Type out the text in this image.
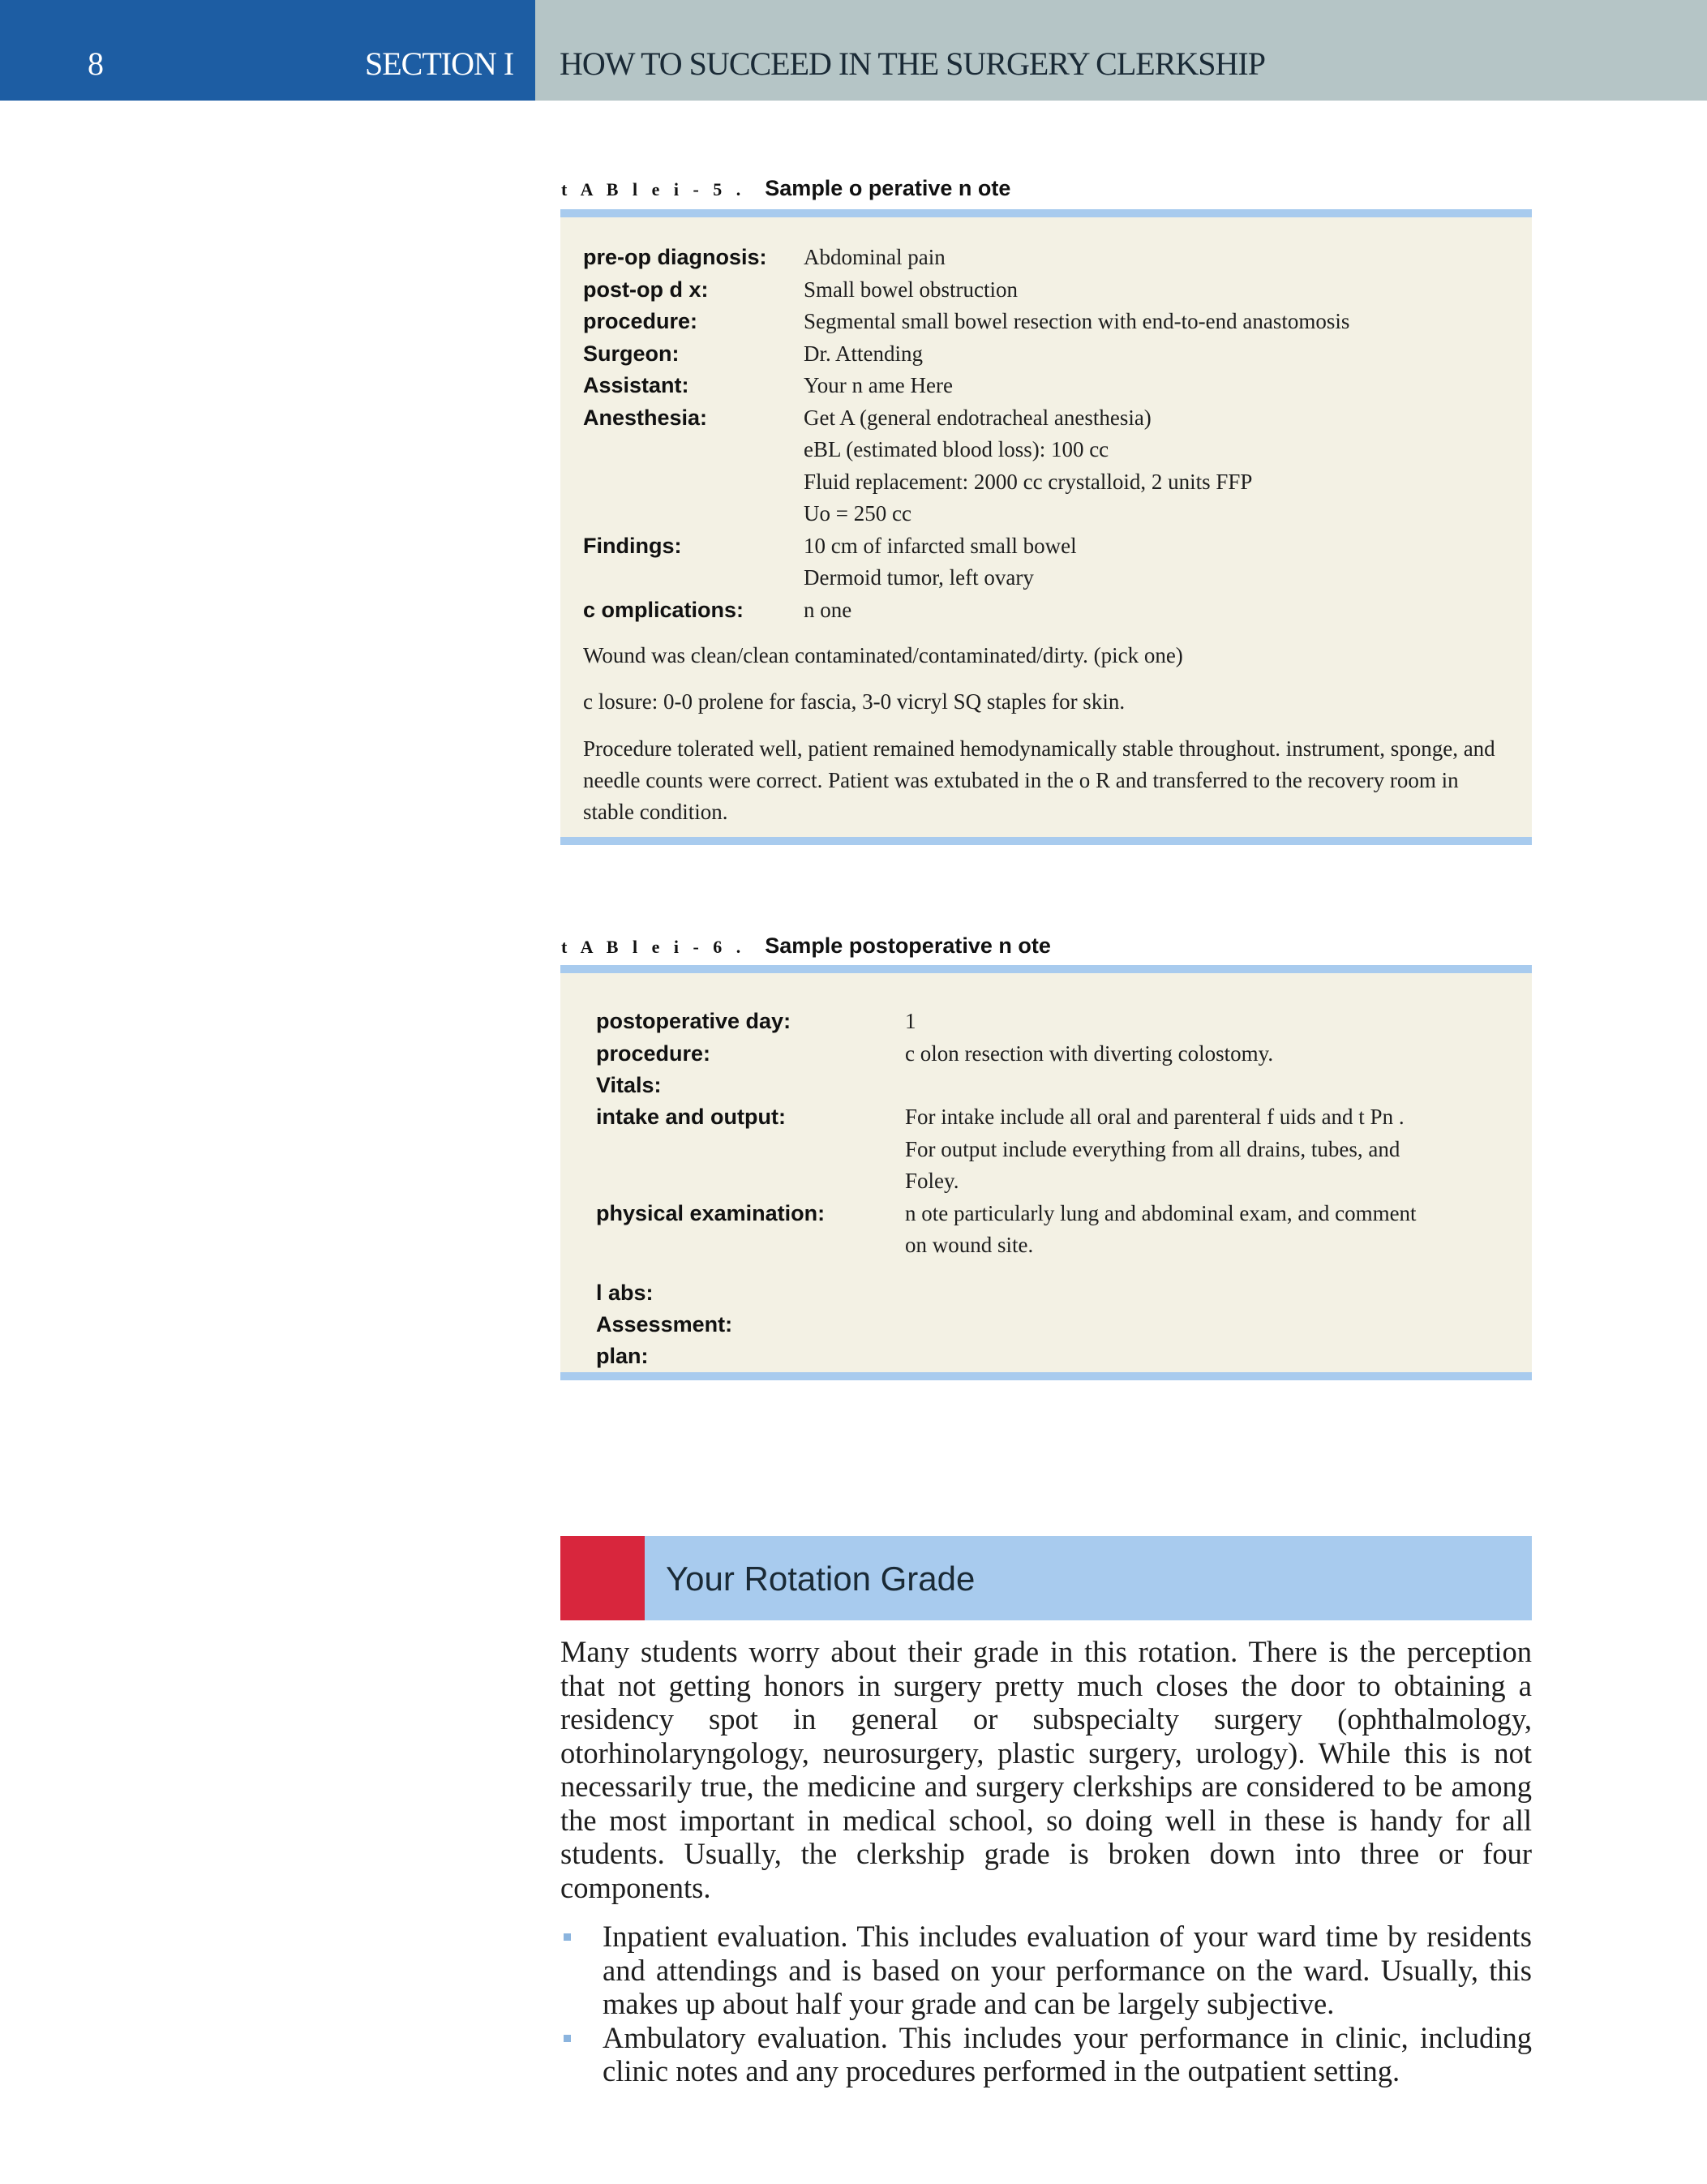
8	SECTION I HOW TO SUCCEED IN THE SURGERY CLERKSHIP
t A B l e i - 5 . Sample o perative n ote
pre-op diagnosis: Abdominal pain
post-op d x:	Small bowel obstruction
procedure:	Segmental small bowel resection with end-to-end anastomosis
Surgeon:	Dr. Attending
Assistant:	Your n ame Here
Anesthesia:	Get A (general endotracheal anesthesia)
eBL (estimated blood loss): 100 cc
Fluid replacement: 2000 cc crystalloid, 2 units FFP
Uo = 250 cc
Findings:	10 cm of infarcted small bowel
Dermoid tumor, left ovary
c omplications:	n one
Wound was clean/clean contaminated/contaminated/dirty. (pick one)
c losure: 0-0 prolene for fascia, 3-0 vicryl SQ staples for skin.
Procedure tolerated well, patient remained hemodynamically stable throughout. instrument, sponge, and needle counts were correct. Patient was extubated in the o R and transferred to the recovery room in stable condition.
t A B l e i - 6 . Sample postoperative n ote
postoperative day:	1
procedure:	c olon resection with diverting colostomy.
Vitals:
intake and output:	For intake include all oral and parenteral f uids and t Pn .
For output include everything from all drains, tubes, and
Foley.
physical examination:	n ote particularly lung and abdominal exam, and comment
on wound site.
l abs:
Assessment:
plan:
Your Rotation Grade
Many students worry about their grade in this rotation. There is the perception that not getting honors in surgery pretty much closes the door to obtaining a residency spot in general or subspecialty surgery (ophthalmology, otorhinolaryngology, neurosurgery, plastic surgery, urology). While this is not necessarily true, the medicine and surgery clerkships are considered to be among the most important in medical school, so doing well in these is handy for all students. Usually, the clerkship grade is broken down into three or four components.
Inpatient evaluation. This includes evaluation of your ward time by residents and attendings and is based on your performance on the ward. Usually, this makes up about half your grade and can be largely subjective.
Ambulatory evaluation. This includes your performance in clinic, including clinic notes and any procedures performed in the outpatient setting.
